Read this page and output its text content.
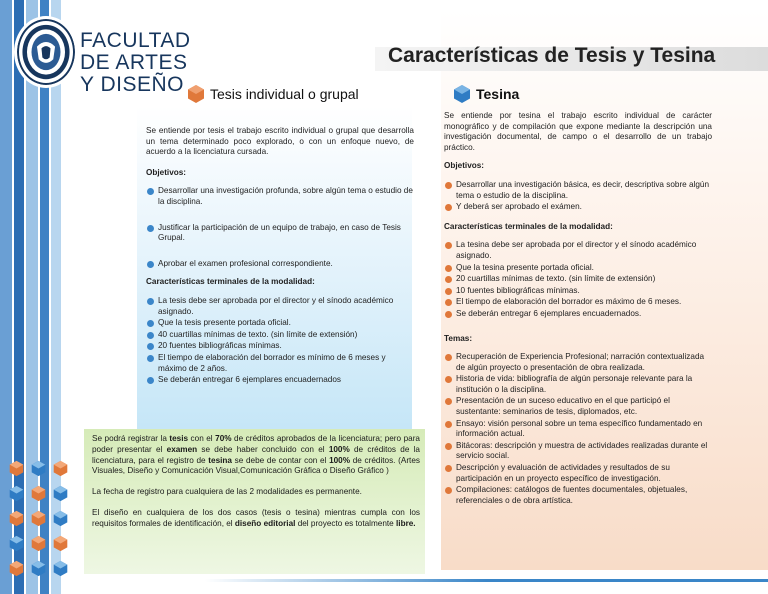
FACULTAD
DE ARTES
Y DISEÑO
Características de Tesis y Tesina
Tesis individual o grupal	Tesina

Se entiende por tesis el trabajo escrito individual o grupal que desarrolla un tema determinado poco explorado, o con un enfoque nuevo, de acuerdo a la licenciatura cursada.

Objetivos:
Desarrollar una investigación profunda, sobre algún tema o estudio de la disciplina.
Justificar la participación de un equipo de trabajo, en caso de Tesis Grupal.
Aprobar el examen profesional correspondiente.
Características terminales de la modalidad:
La tesis debe ser aprobada por el director y el sínodo académico asignado.
Que la tesis presente portada oficial.
40 cuartillas mínimas de texto. (sin límite de extensión)
20 fuentes bibliográficas mínimas.
El tiempo de elaboración del borrador es mínimo de 6 meses y máximo de 2 años.
Se deberán entregar 6 ejemplares encuadernados

Se entiende por tesina el trabajo escrito individual de carácter monográfico y de compilación que expone mediante la descripción una investigación documental, de campo o el desarrollo de un trabajo práctico.

Objetivos:
Desarrollar una investigación básica, es decir, descriptiva sobre algún tema o estudio de la disciplina.
Y deberá ser aprobado el exámen.
Características terminales de la modalidad:
La tesina debe ser aprobada por el director y el sínodo académico asignado.
Que la tesina presente portada oficial.
20 cuartillas mínimas de texto. (sin límite de extensión)
10 fuentes bibliográficas mínimas.
El tiempo de elaboración del borrador es máximo de 6 meses.
Se deberán entregar 6 ejemplares encuadernados.
Temas:
Recuperación de Experiencia Profesional; narración contextualizada de algún proyecto o presentación de obra realizada.
Historia de vida: bibliografía de algún personaje relevante para la institución o la disciplina.
Presentación de un suceso educativo en el que participó el sustentante: seminarios de tesis, diplomados, etc.
Ensayo: visión personal sobre un tema específico fundamentado en información actual.
Bitácoras: descripción y muestra de actividades realizadas durante el servicio social.
Descripción y evaluación de actividades y resultados de su participación en un proyecto específico de investigación.
Compilaciones: catálogos de fuentes documentales, objetuales, referenciales o de obra artística.

Se podrá registrar la tesis con el 70% de créditos aprobados de la licenciatura; pero para poder presentar el examen se debe haber concluido con el 100% de créditos de la licenciatura, para el registro de tesina se debe de contar con el 100% de créditos. (Artes Visuales, Diseño y Comunicación Visual,Comunicación Gráfica o Diseño Gráfico )

La fecha de registro para cualquiera de las 2 modalidades es permanente.

El diseño en cualquiera de los dos casos (tesis o tesina) mientras cumpla con los requisitos formales de identificación, el diseño editorial del proyecto es totalmente libre.
